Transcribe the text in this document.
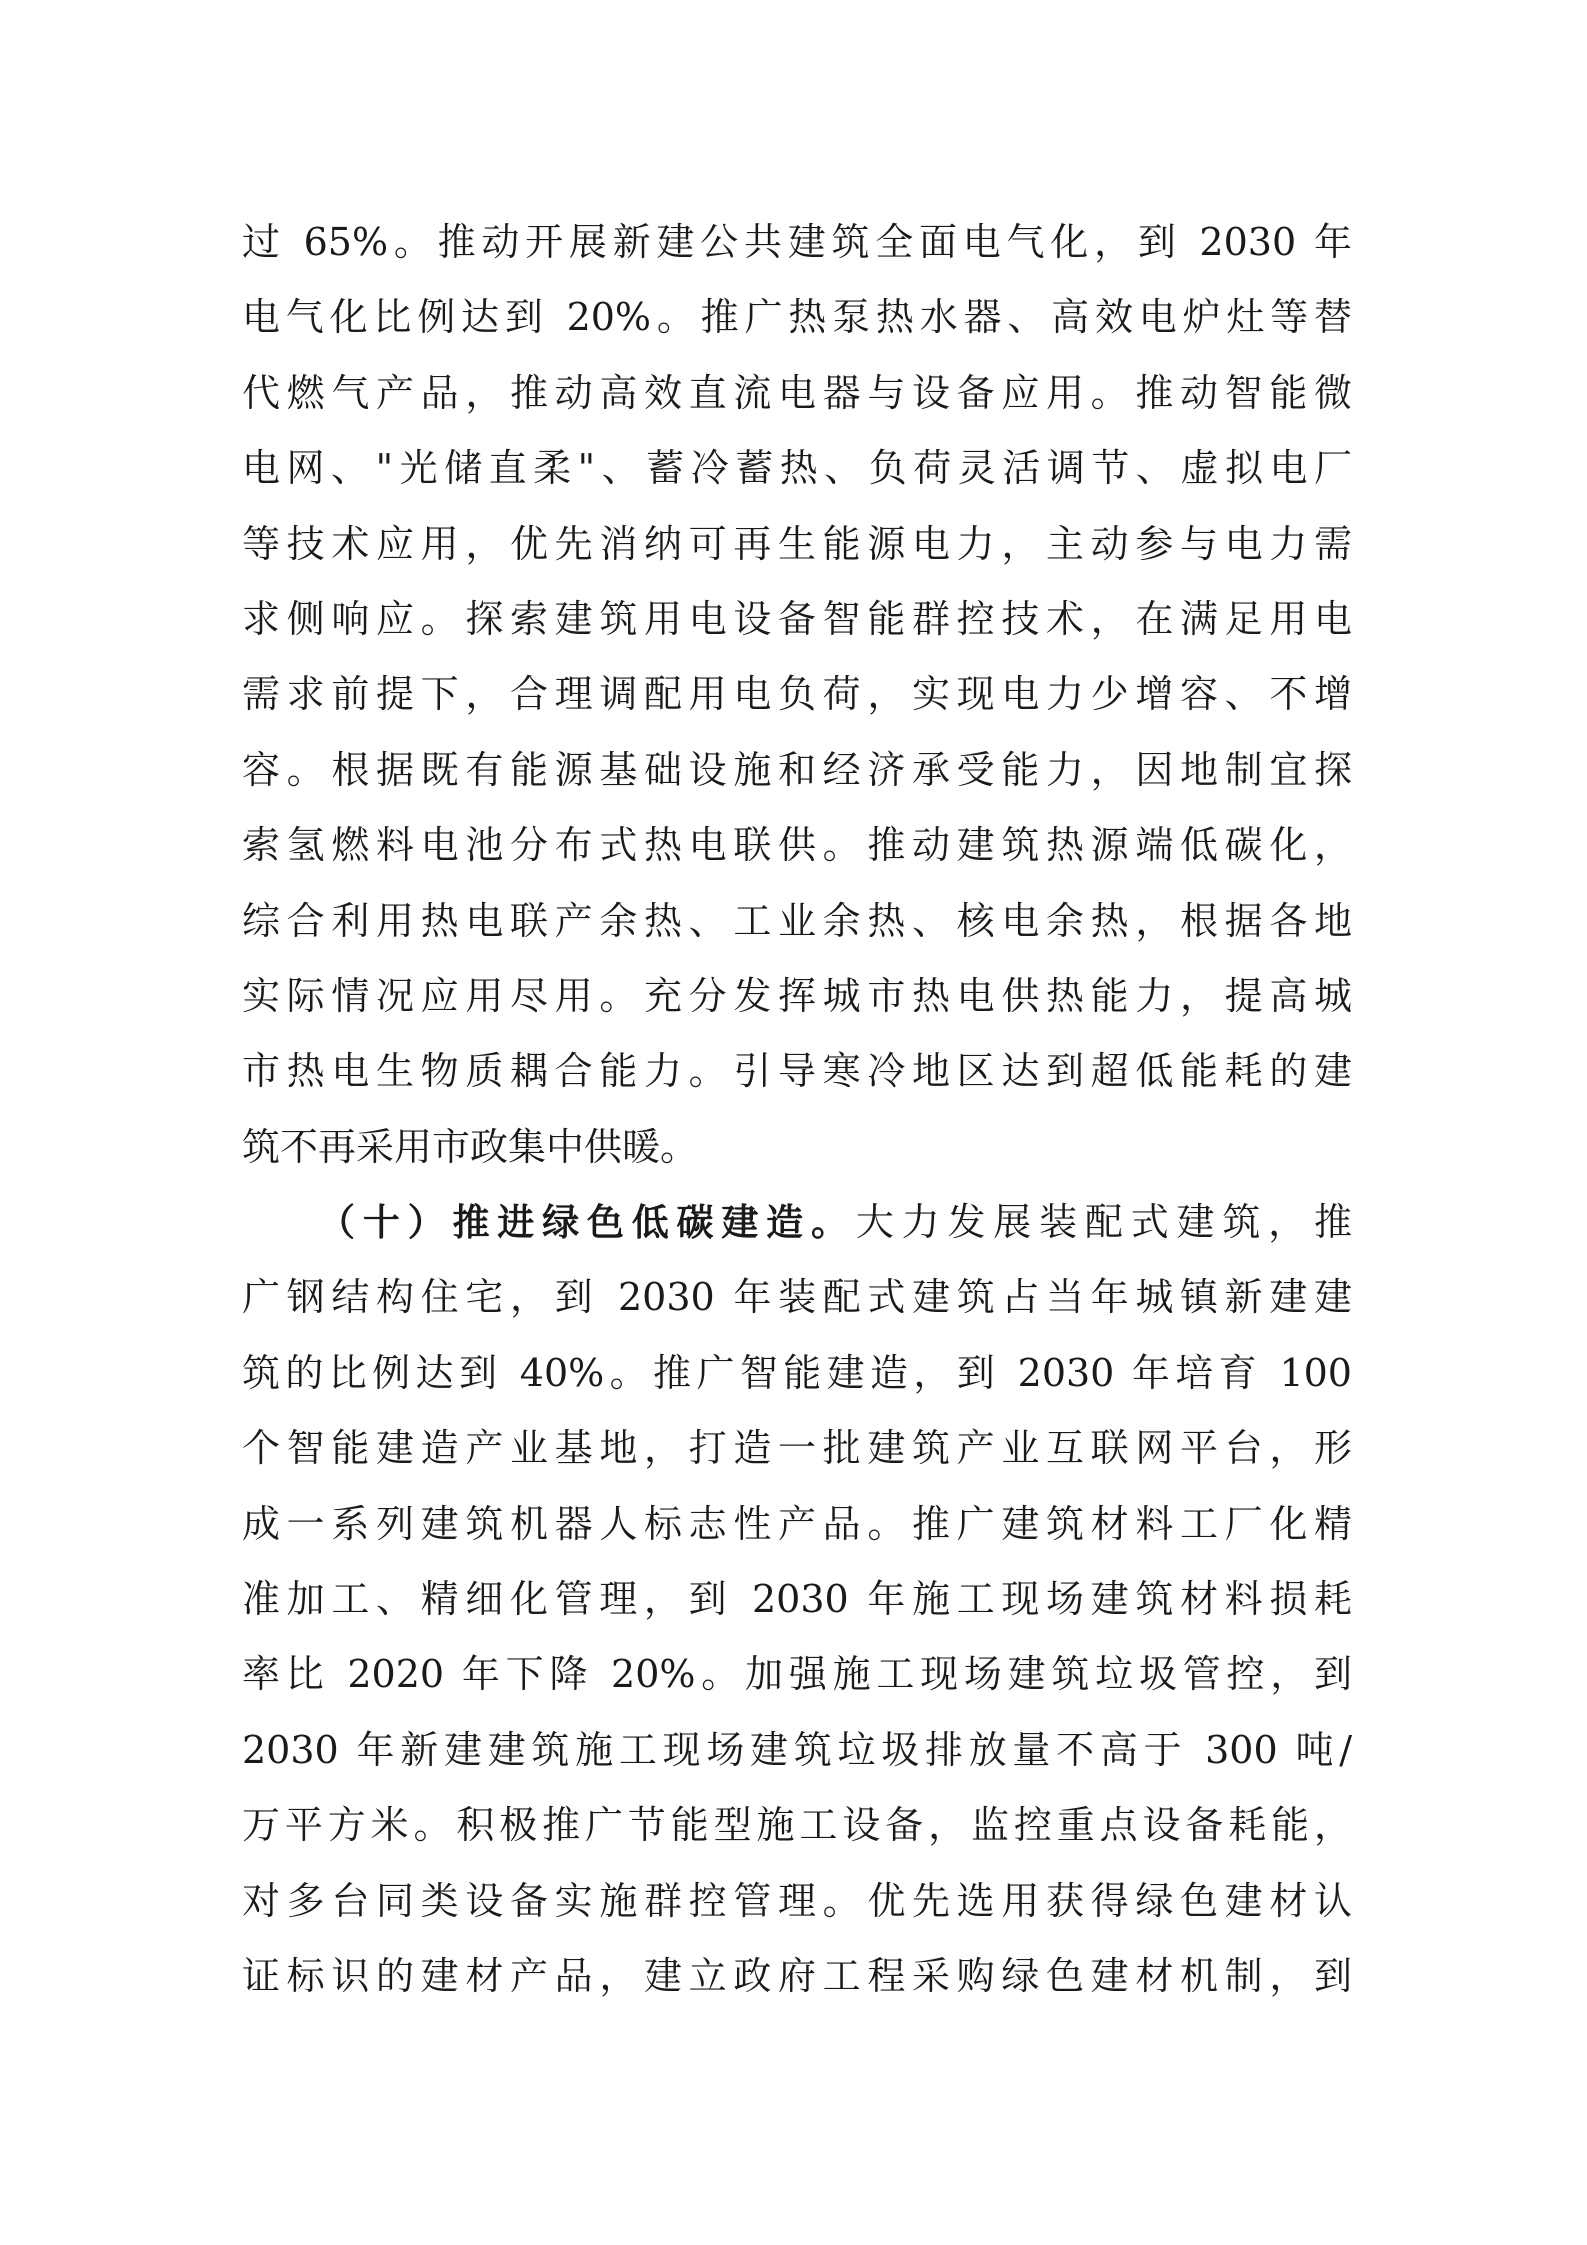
过 65%。推动开展新建公共建筑全面电气化，到 2030 年
电气化比例达到 20%。推广热泵热水器、高效电炉灶等替
代燃气产品，推动高效直流电器与设备应用。推动智能微
电网、"光储直柔"、蓄冷蓄热、负荷灵活调节、虚拟电厂
等技术应用，优先消纳可再生能源电力，主动参与电力需
求侧响应。探索建筑用电设备智能群控技术，在满足用电
需求前提下，合理调配用电负荷，实现电力少增容、不增
容。根据既有能源基础设施和经济承受能力，因地制宜探
索氢燃料电池分布式热电联供。推动建筑热源端低碳化，
综合利用热电联产余热、工业余热、核电余热，根据各地
实际情况应用尽用。充分发挥城市热电供热能力，提高城
市热电生物质耦合能力。引导寒冷地区达到超低能耗的建
筑不再采用市政集中供暖。
（十）推进绿色低碳建造。大力发展装配式建筑，推
广钢结构住宅，到 2030 年装配式建筑占当年城镇新建建
筑的比例达到 40%。推广智能建造，到 2030 年培育 100
个智能建造产业基地，打造一批建筑产业互联网平台，形
成一系列建筑机器人标志性产品。推广建筑材料工厂化精
准加工、精细化管理，到 2030 年施工现场建筑材料损耗
率比 2020 年下降 20%。加强施工现场建筑垃圾管控，到
2030 年新建建筑施工现场建筑垃圾排放量不高于 300 吨/
万平方米。积极推广节能型施工设备，监控重点设备耗能，
对多台同类设备实施群控管理。优先选用获得绿色建材认
证标识的建材产品，建立政府工程采购绿色建材机制，到
